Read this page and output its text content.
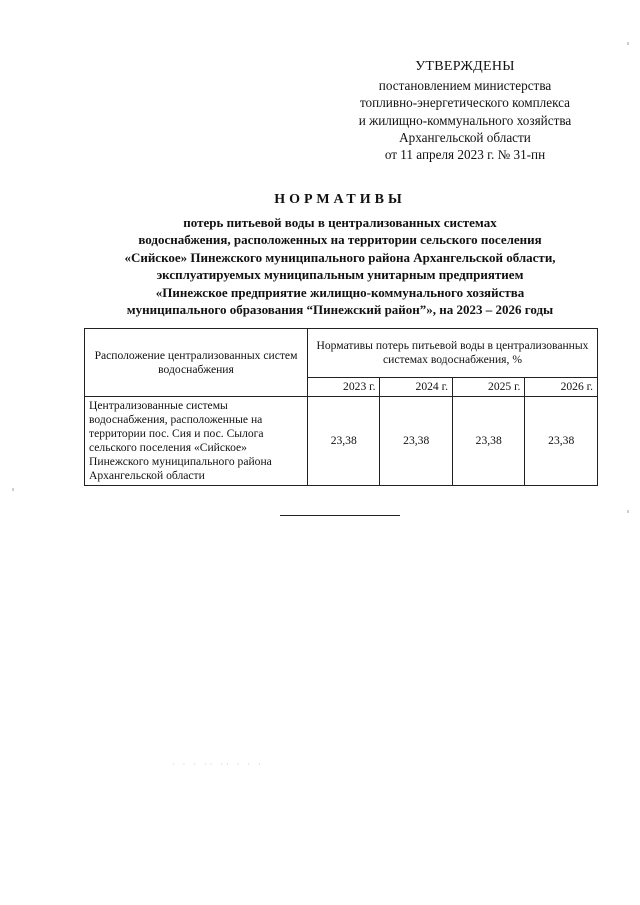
УТВЕРЖДЕНЫ
постановлением министерства
топливно-энергетического комплекса
и жилищно-коммунального хозяйства
Архангельской области
от 11 апреля 2023 г. № 31-пн
НОРМАТИВЫ
потерь питьевой воды в централизованных системах
водоснабжения, расположенных на территории сельского поселения
«Сийское» Пинежского муниципального района Архангельской области,
эксплуатируемых муниципальным унитарным предприятием
«Пинежское предприятие жилищно-коммунального хозяйства
муниципального образования “Пинежский район”», на 2023 – 2026 годы
Расположение централизованных систем водоснабжения	Нормативы потерь питьевой воды в централизованных системах водоснабжения, %			
	2023 г.	2024 г.	2025 г.	2026 г.
Централизованные системы водоснабжения, расположенные на территории пос. Сия и пос. Сылога сельского поселения «Сийское» Пинежского муниципального района Архангельской области	23,38	23,38	23,38	23,38
· · · ·· ·· · · ·
